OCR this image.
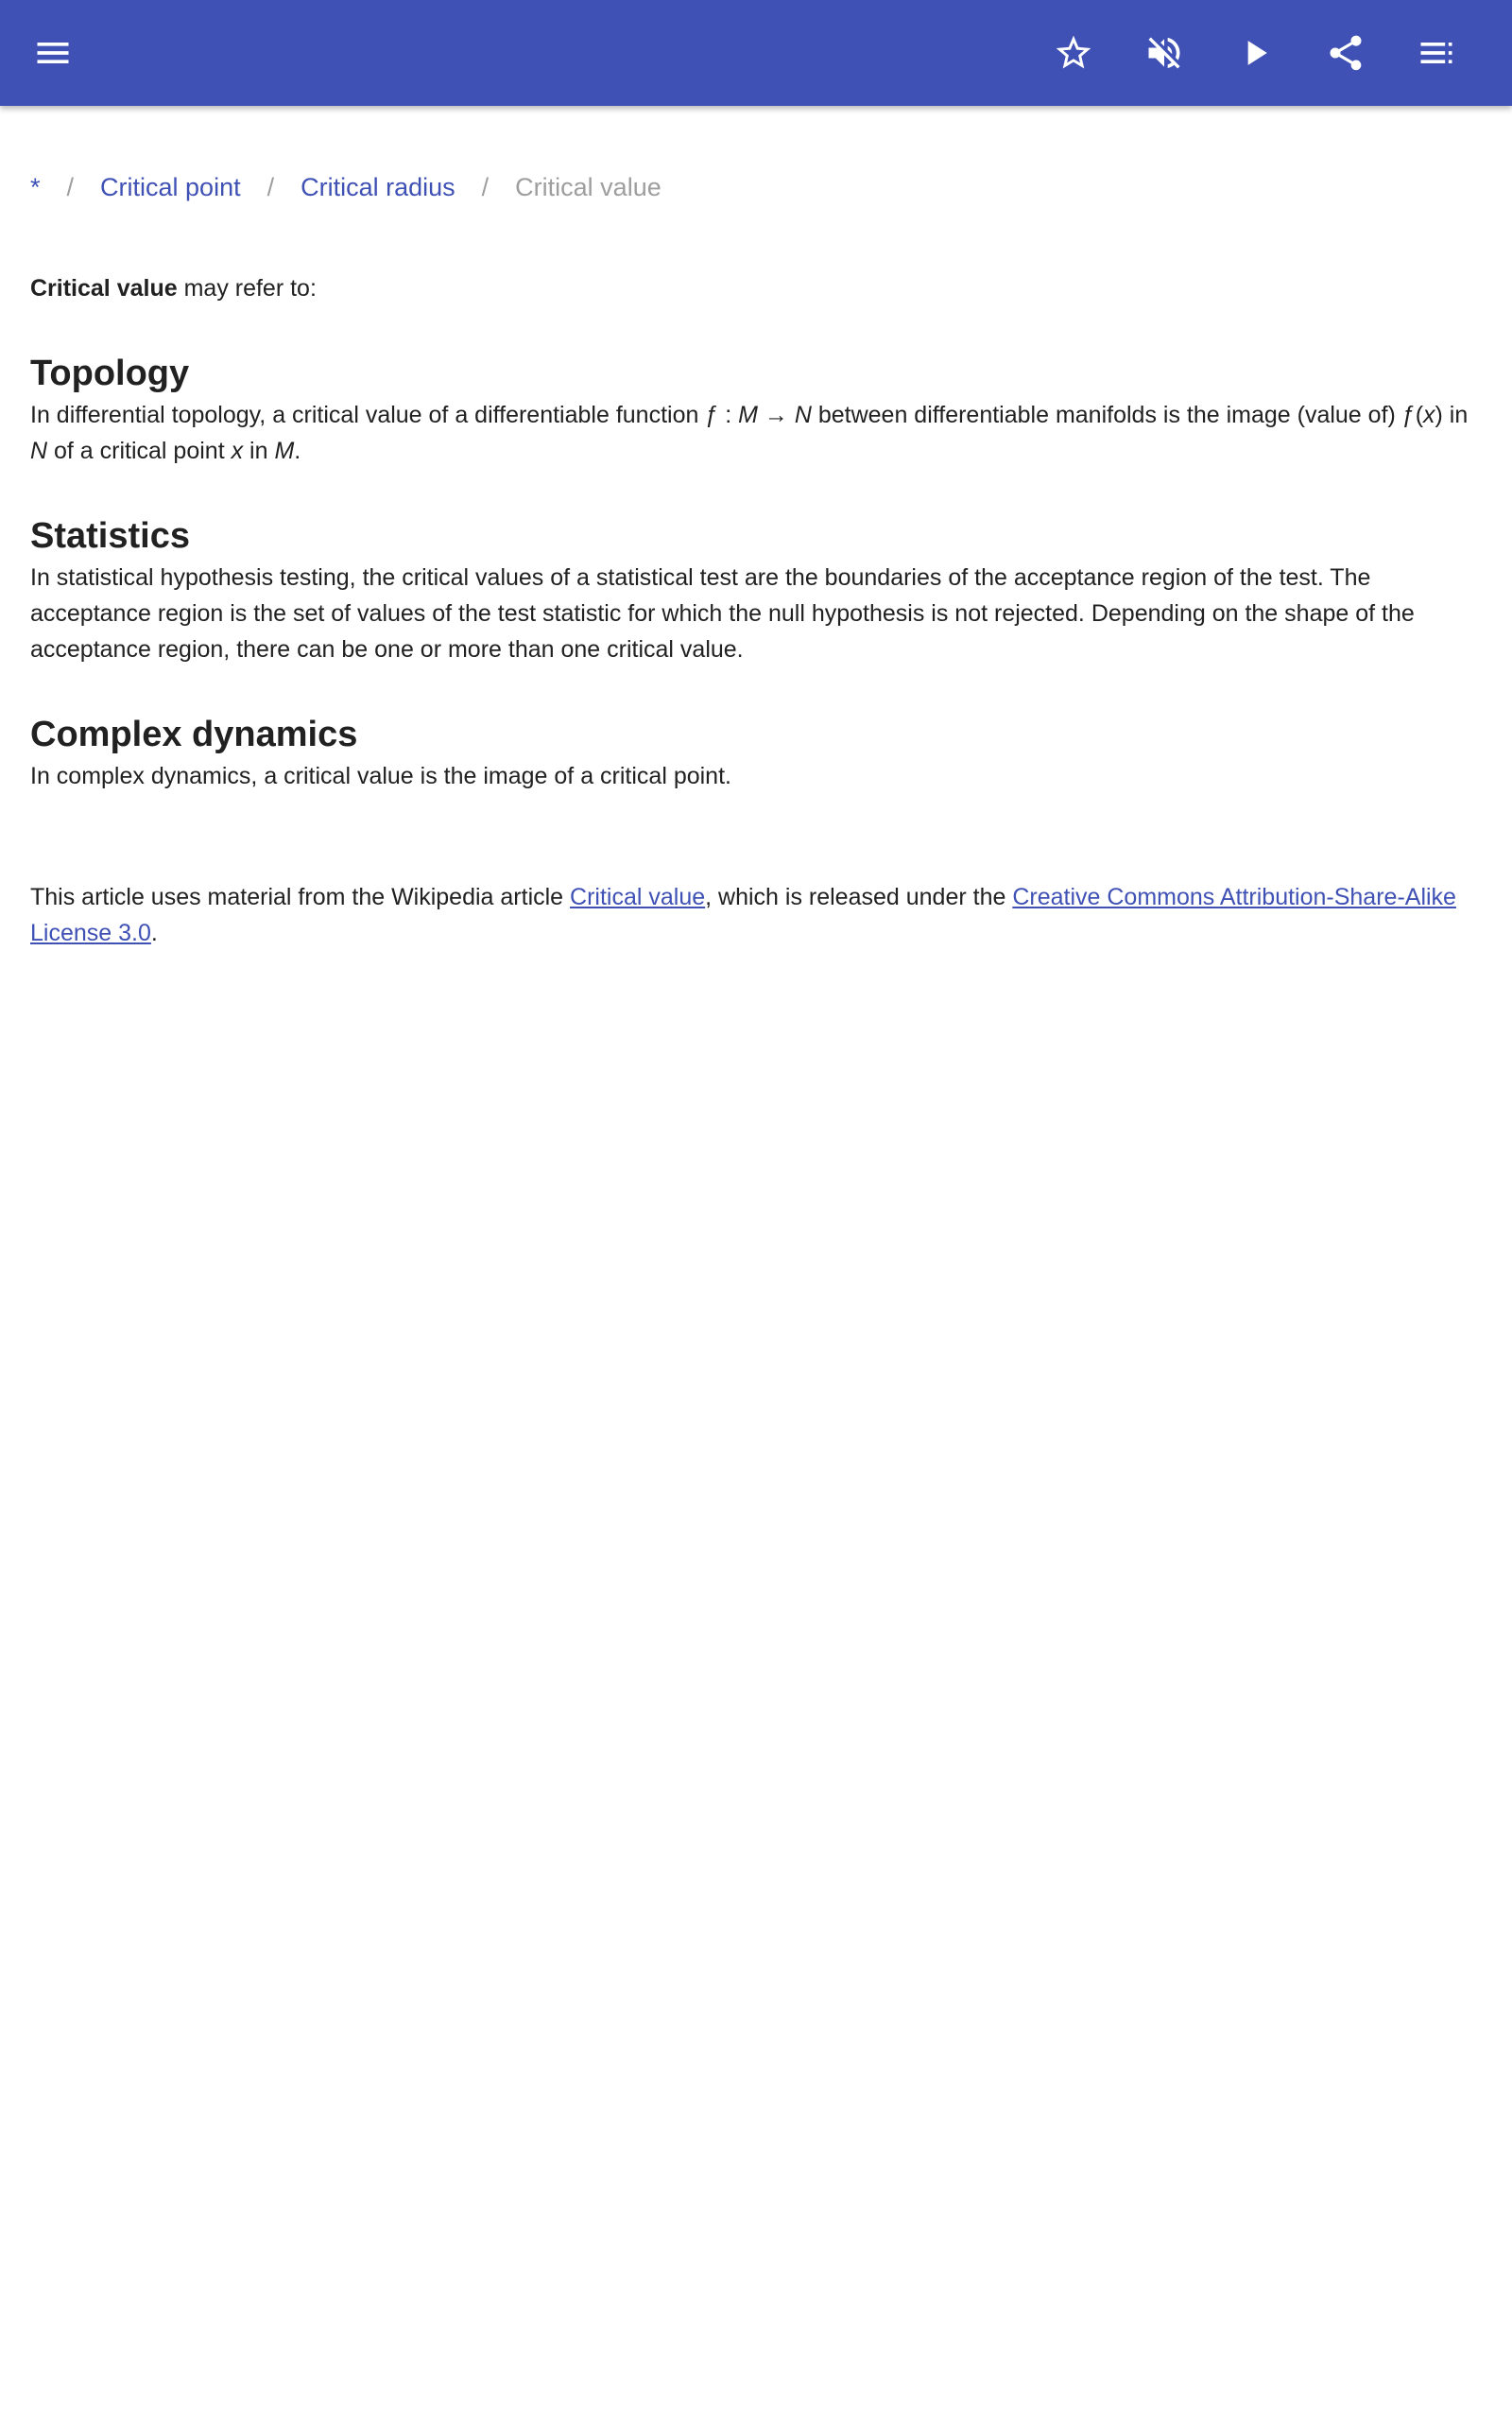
* / Critical point / Critical radius / Critical value

Critical value may refer to:

Topology

In differential topology, a critical value of a differentiable function ƒ : M → N between differentiable manifolds is the image (value of) ƒ(x) in N of a critical point x in M.

Statistics

In statistical hypothesis testing, the critical values of a statistical test are the boundaries of the acceptance region of the test. The acceptance region is the set of values of the test statistic for which the null hypothesis is not rejected. Depending on the shape of the acceptance region, there can be one or more than one critical value.

Complex dynamics

In complex dynamics, a critical value is the image of a critical point.

This article uses material from the Wikipedia article Critical value, which is released under the Creative Commons Attribution-Share-Alike License 3.0.
